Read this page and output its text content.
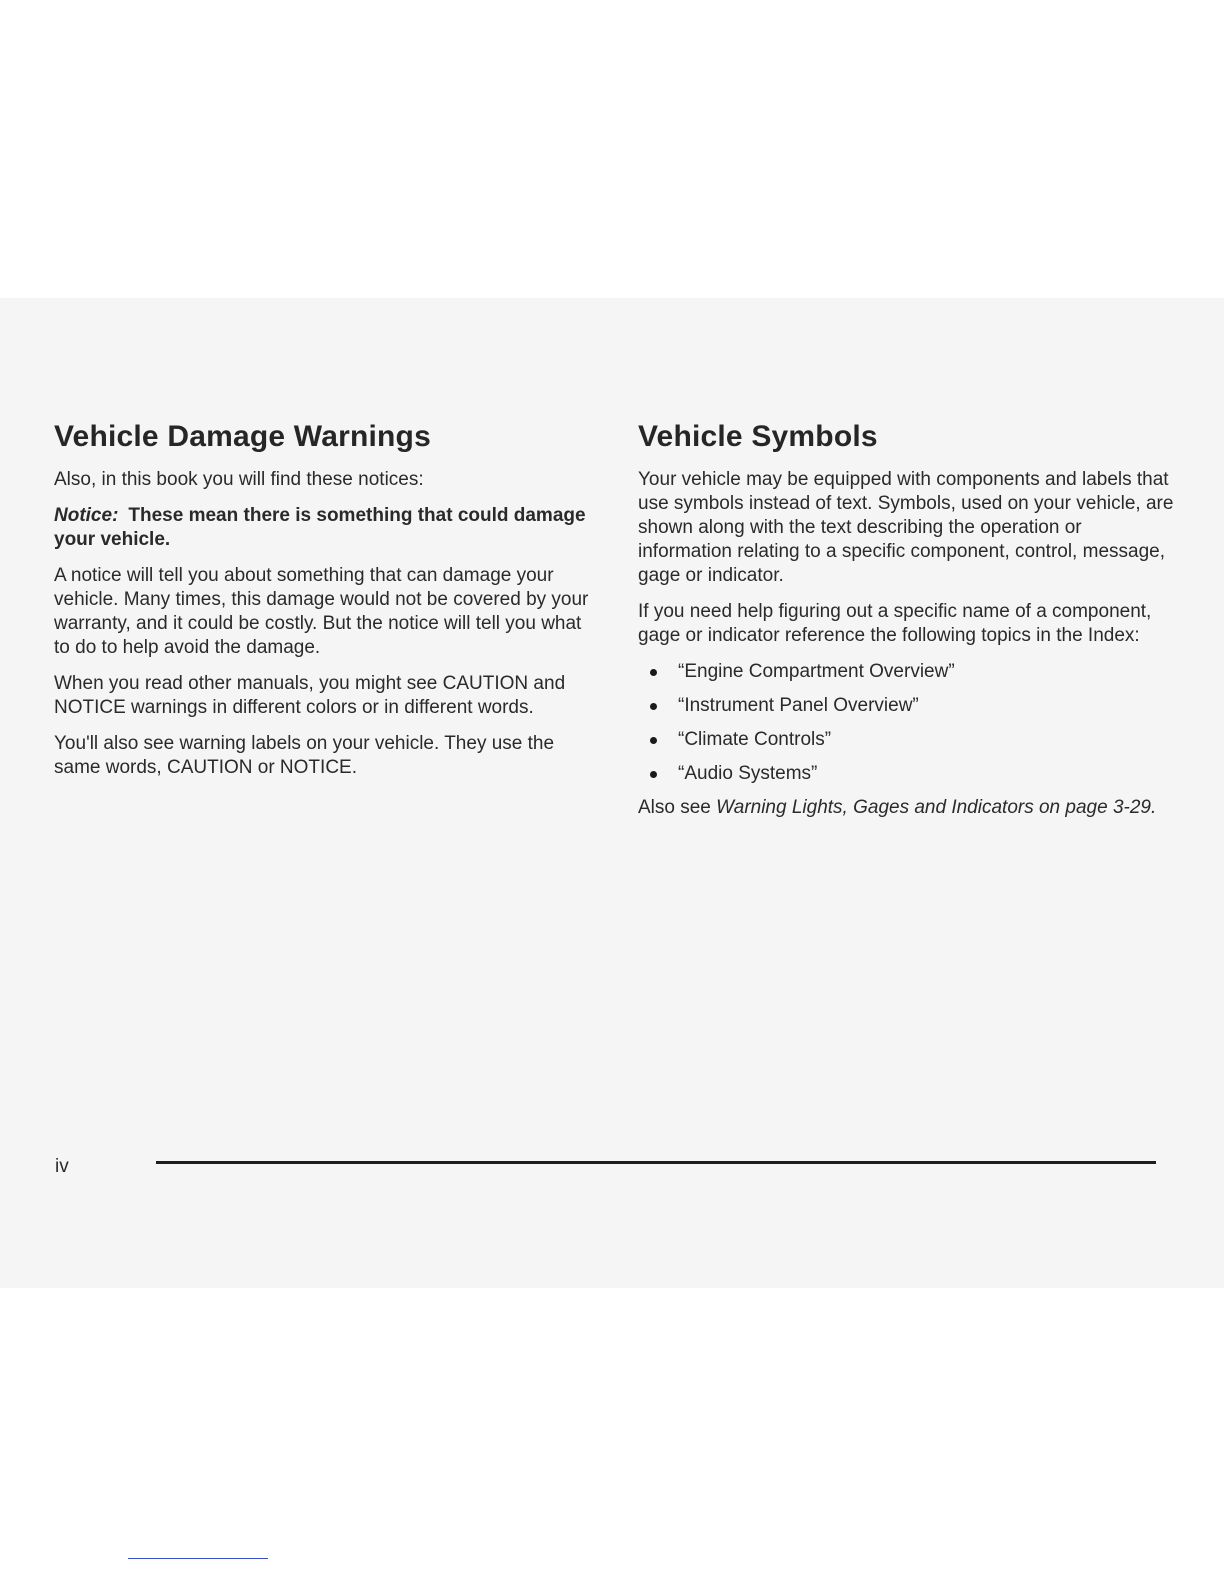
Vehicle Damage Warnings

Also, in this book you will find these notices:

Notice: These mean there is something that could damage your vehicle.

A notice will tell you about something that can damage your vehicle. Many times, this damage would not be covered by your warranty, and it could be costly. But the notice will tell you what to do to help avoid the damage.

When you read other manuals, you might see CAUTION and NOTICE warnings in different colors or in different words.

You'll also see warning labels on your vehicle. They use the same words, CAUTION or NOTICE.

Vehicle Symbols

Your vehicle may be equipped with components and labels that use symbols instead of text. Symbols, used on your vehicle, are shown along with the text describing the operation or information relating to a specific component, control, message, gage or indicator.

If you need help figuring out a specific name of a component, gage or indicator reference the following topics in the Index:

“Engine Compartment Overview”
“Instrument Panel Overview”
“Climate Controls”
“Audio Systems”

Also see Warning Lights, Gages and Indicators on page 3-29.

iv
